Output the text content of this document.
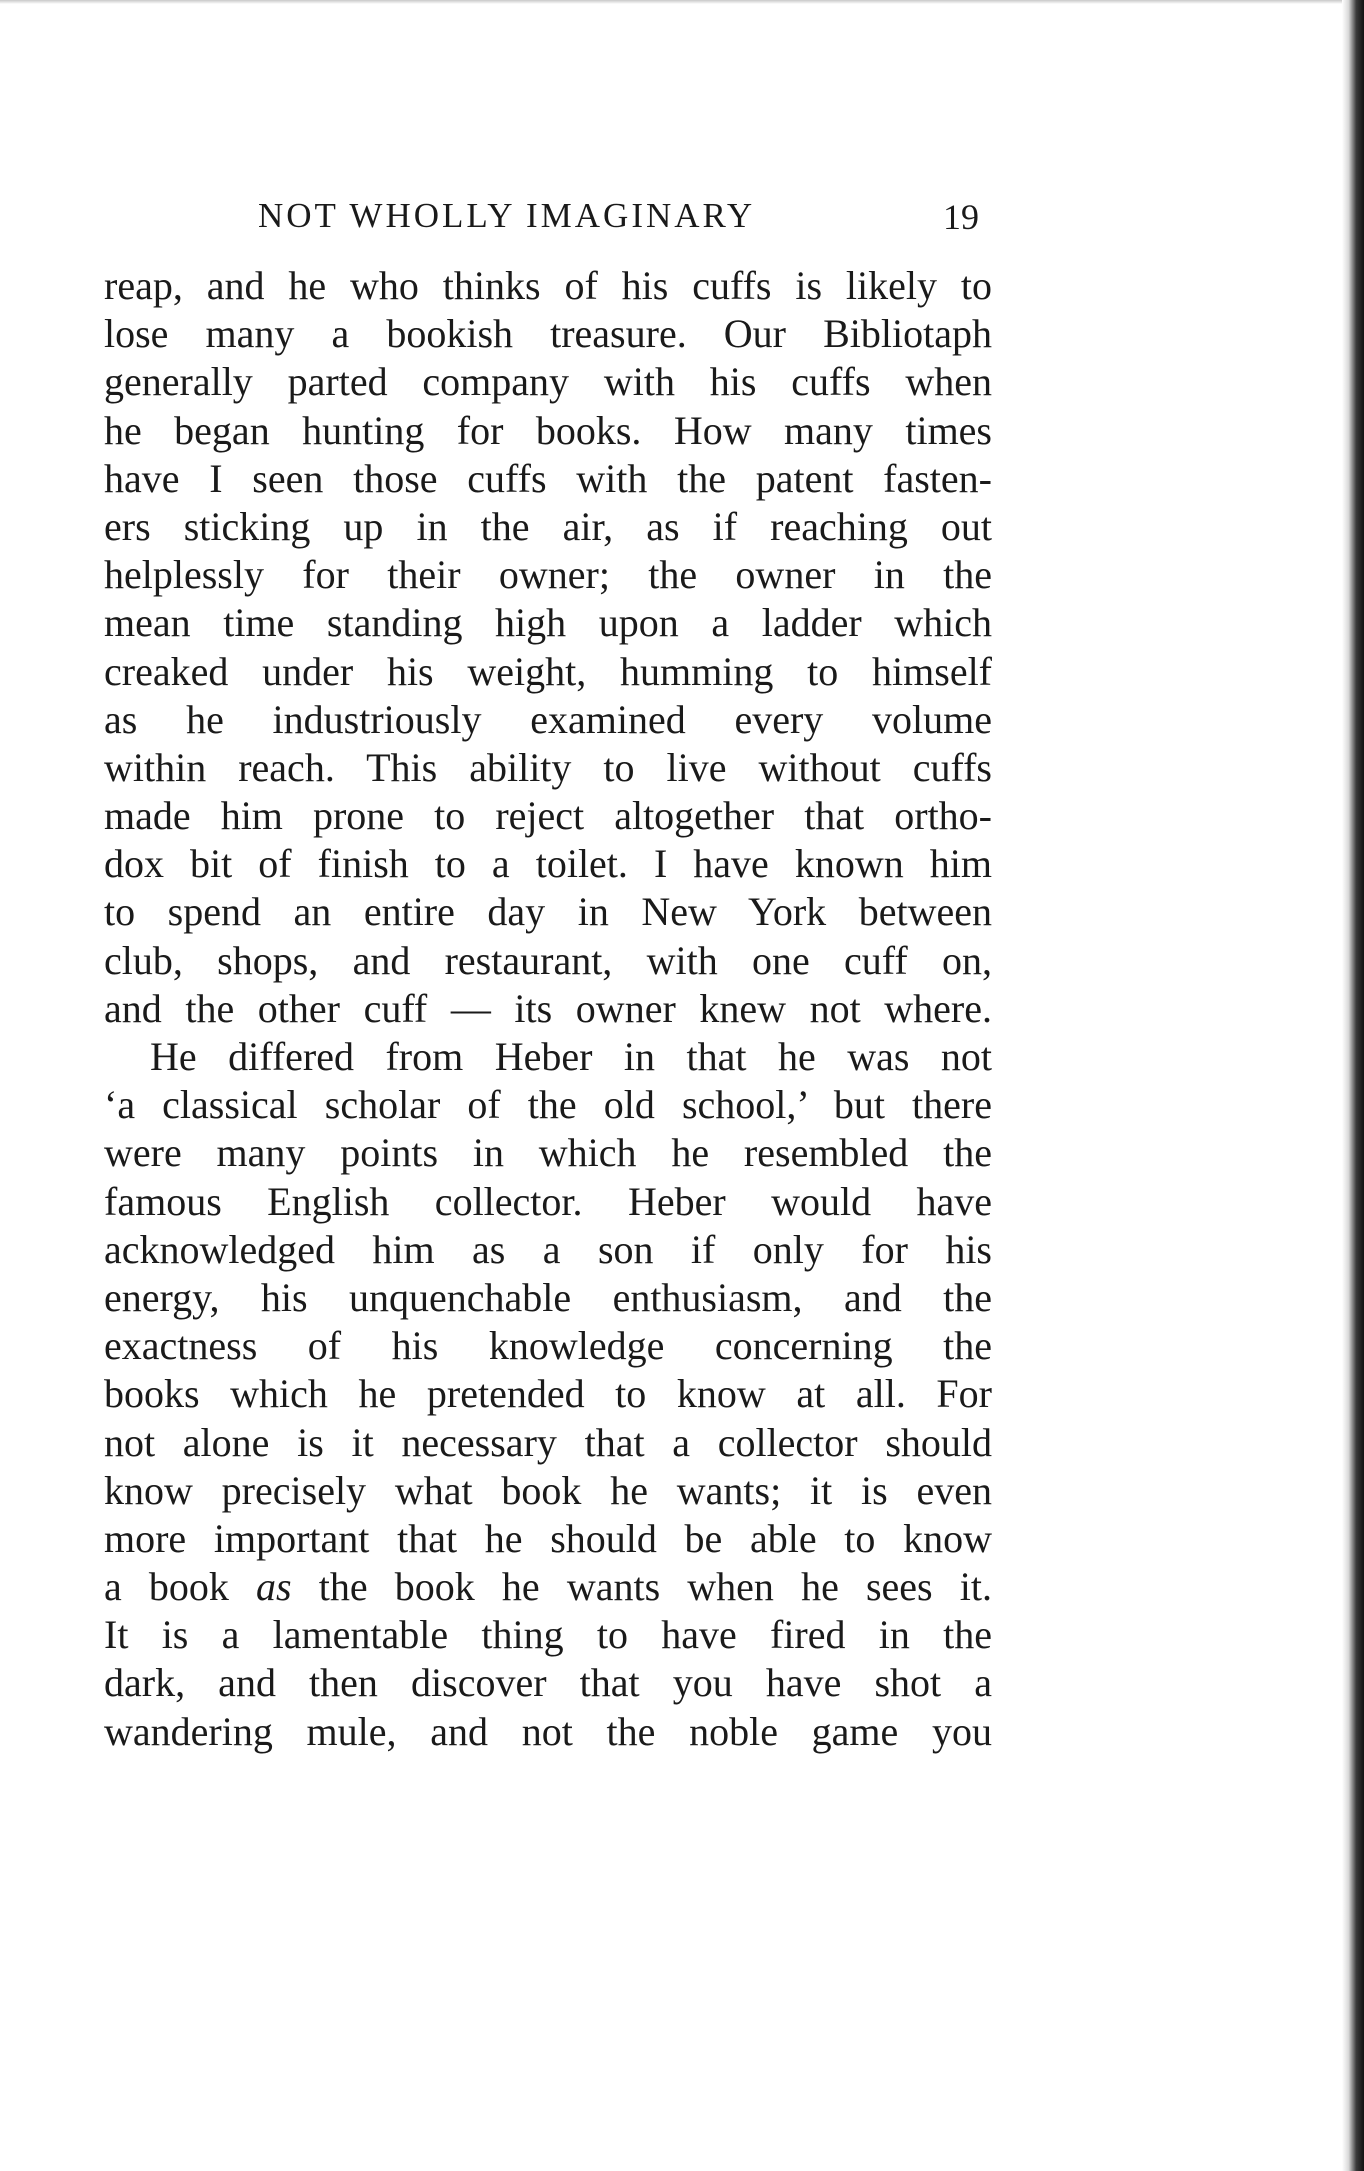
NOT WHOLLY IMAGINARY	19
reap, and he who thinks of his cuffs is likely to
lose many a bookish treasure. Our Bibliotaph
generally parted company with his cuffs when
he began hunting for books. How many times
have I seen those cuffs with the patent fasten-
ers sticking up in the air, as if reaching out
helplessly for their owner; the owner in the
mean time standing high upon a ladder which
creaked under his weight, humming to himself
as he industriously examined every volume
within reach. This ability to live without cuffs
made him prone to reject altogether that ortho-
dox bit of finish to a toilet. I have known him
to spend an entire day in New York between
club, shops, and restaurant, with one cuff on,
and the other cuff — its owner knew not where.
He differed from Heber in that he was not
‘a classical scholar of the old school,’ but there
were many points in which he resembled the
famous English collector. Heber would have
acknowledged him as a son if only for his
energy, his unquenchable enthusiasm, and the
exactness of his knowledge concerning the
books which he pretended to know at all. For
not alone is it necessary that a collector should
know precisely what book he wants; it is even
more important that he should be able to know
a book as the book he wants when he sees it.
It is a lamentable thing to have fired in the
dark, and then discover that you have shot a
wandering mule, and not the noble game you
